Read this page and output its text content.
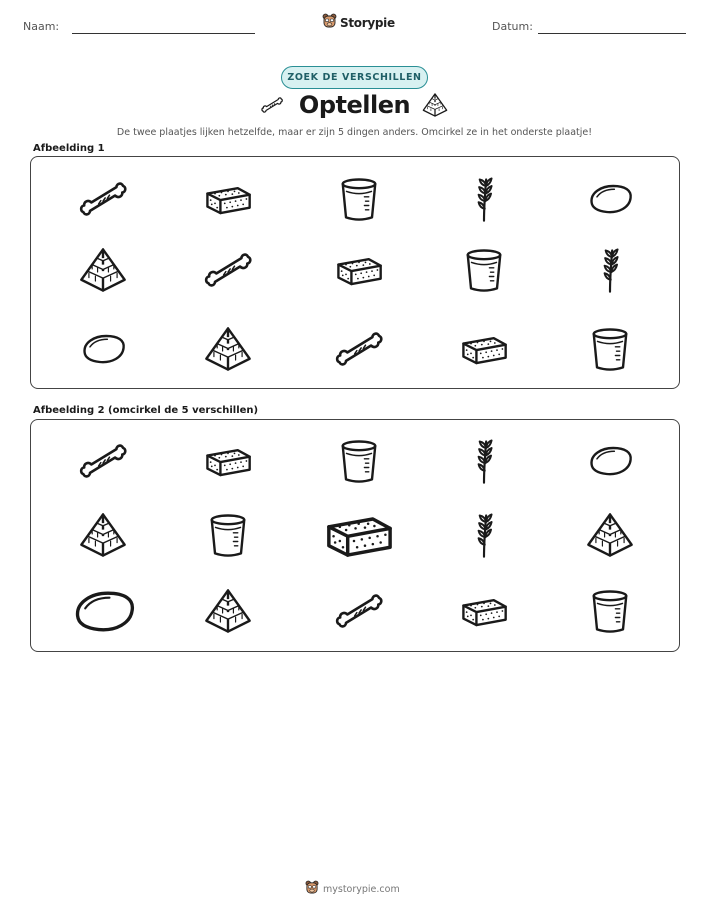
Naam:	Storypie	Datum:
ZOEK DE VERSCHILLEN
Optellen
De twee plaatjes lijken hetzelfde, maar er zijn 5 dingen anders. Omcirkel ze in het onderste plaatje!
Afbeelding 1
Afbeelding 2 (omcirkel de 5 verschillen)
mystorypie.com
